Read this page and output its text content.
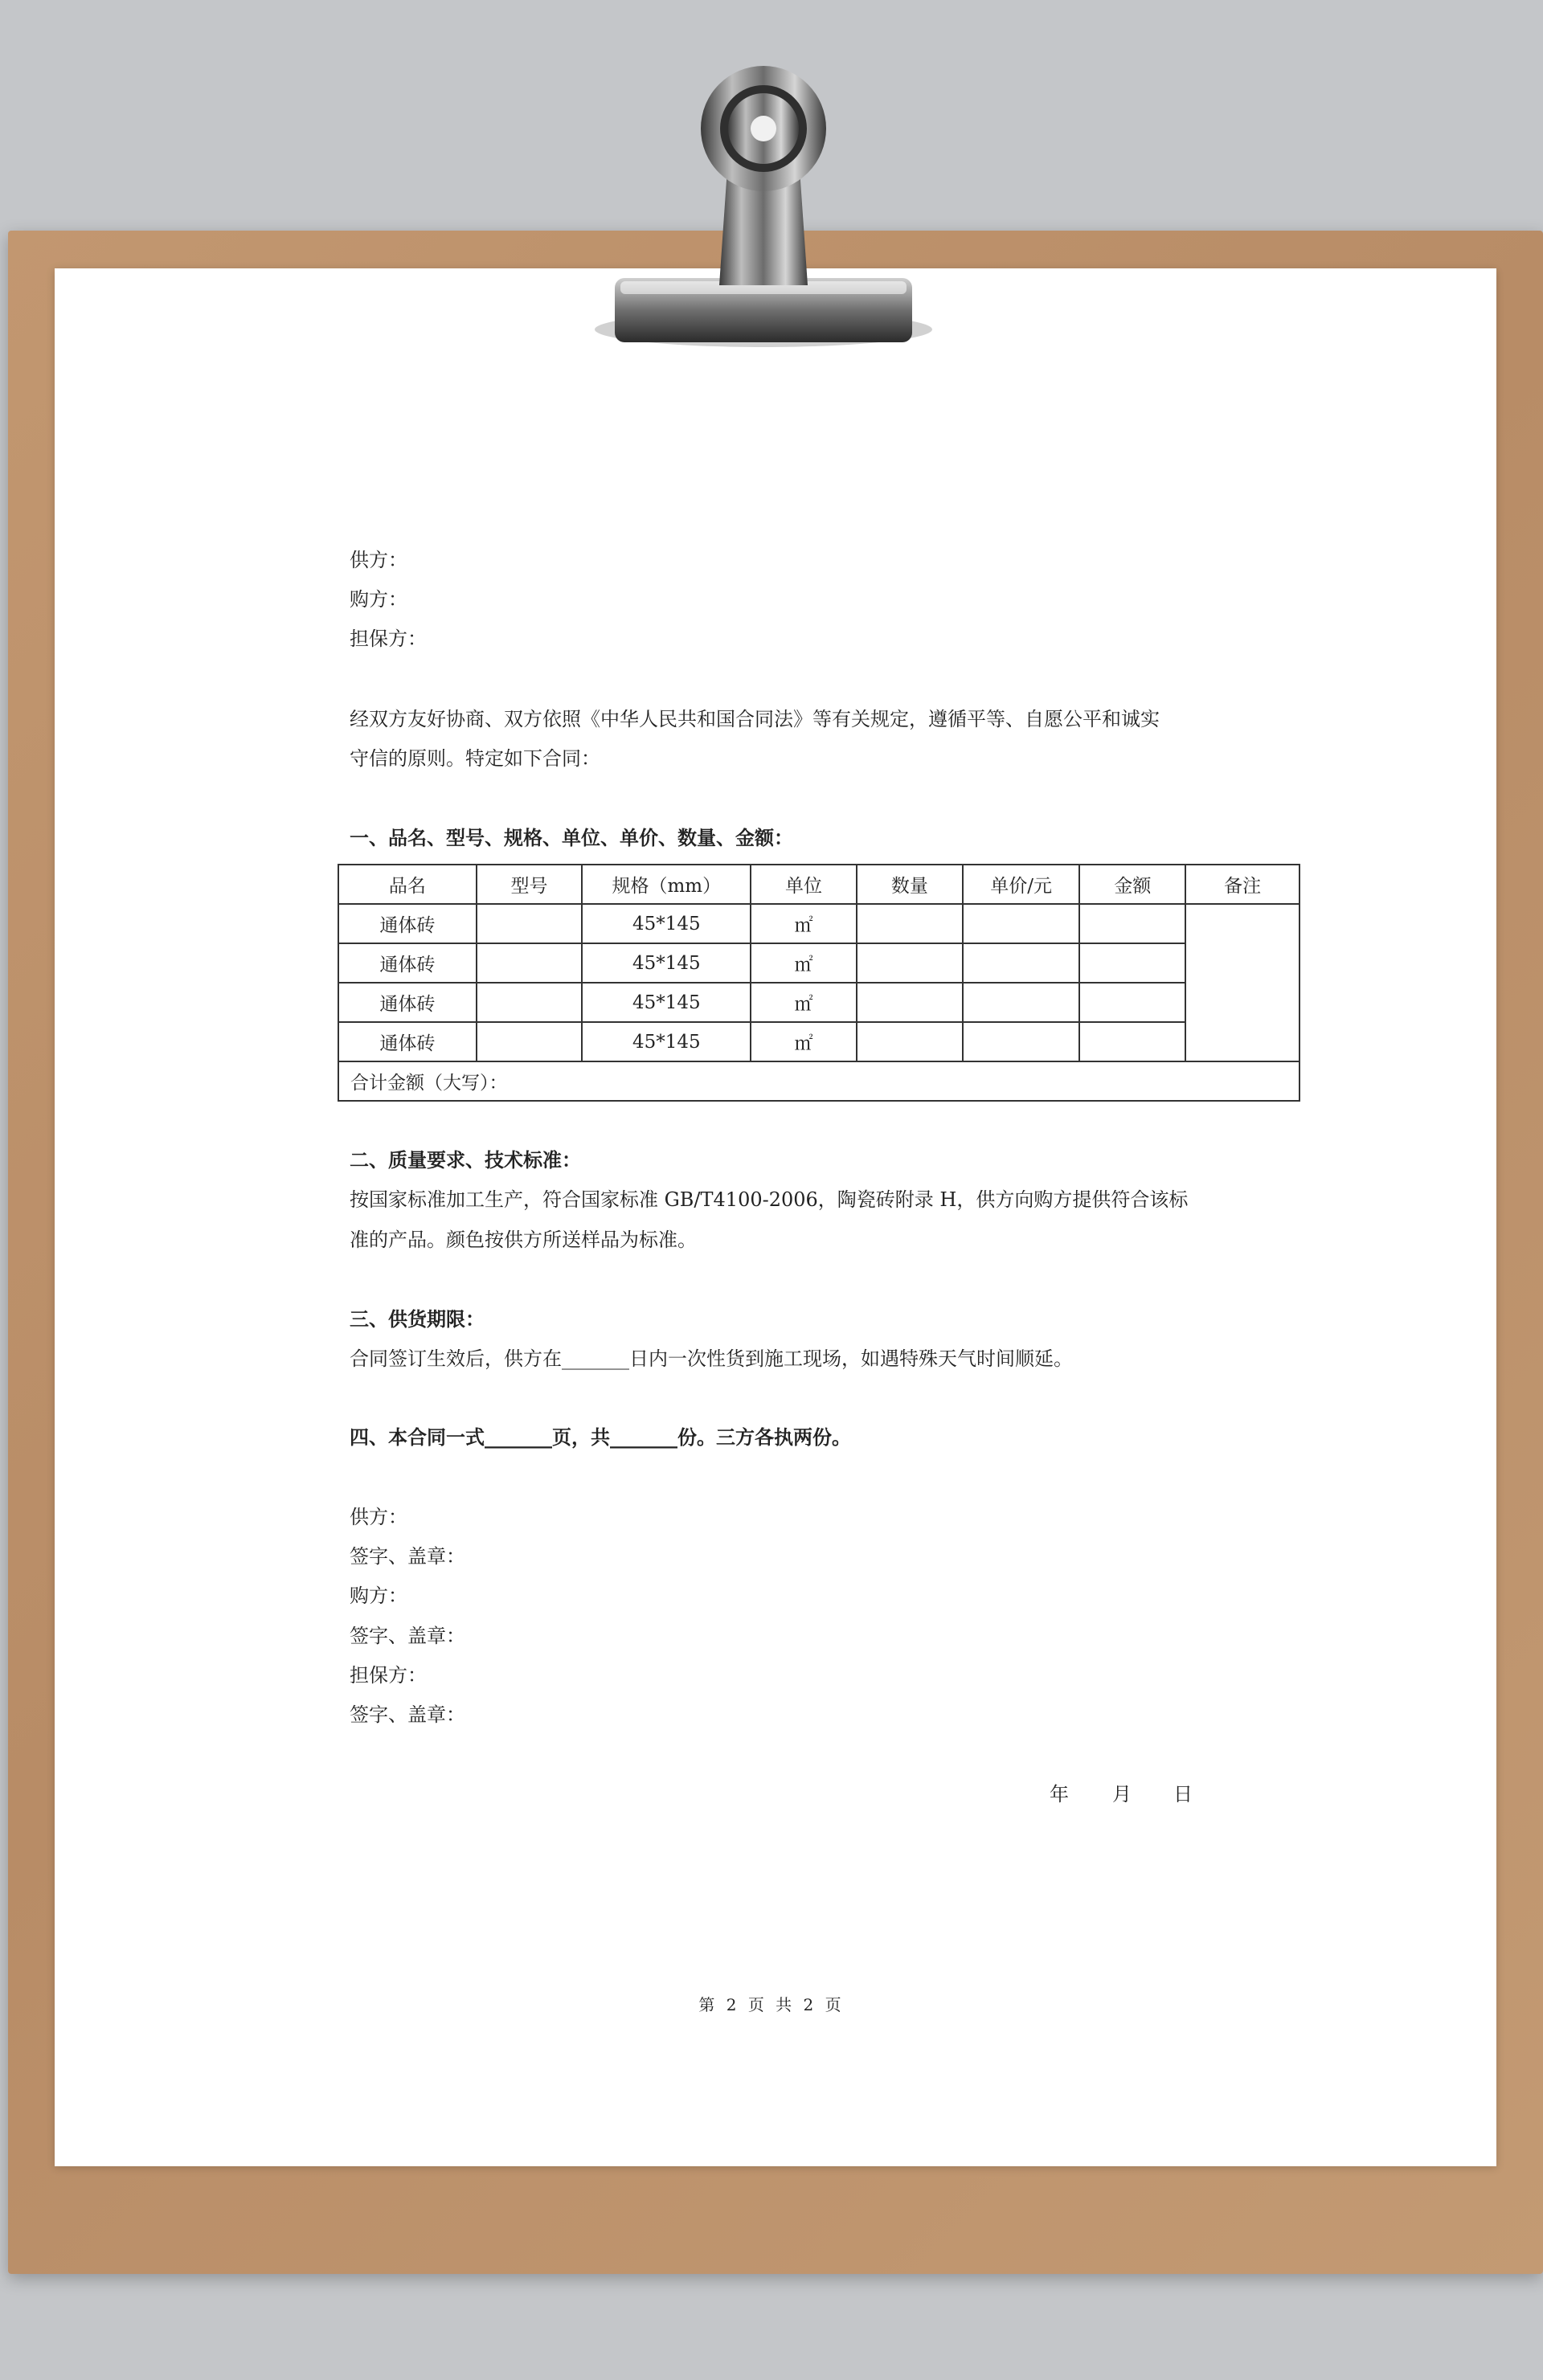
供方：
购方：
担保方：
经双方友好协商、双方依照《中华人民共和国合同法》等有关规定，遵循平等、自愿公平和诚实
守信的原则。特定如下合同：
一、品名、型号、规格、单位、单价、数量、金额：
二、质量要求、技术标准：
按国家标准加工生产，符合国家标准 GB/T4100-2006，陶瓷砖附录 H，供方向购方提供符合该标
准的产品。颜色按供方所送样品为标准。
三、供货期限：
合同签订生效后，供方在_______日内一次性货到施工现场，如遇特殊天气时间顺延。
四、本合同一式_______页，共_______份。三方各执两份。
供方：
签字、盖章：
购方：
签字、盖章：
担保方：
签字、盖章：
品名	型号	规格（mm）	单位	数量	单价/元	金额	备注
通体砖		45*145	㎡				
通体砖		45*145	㎡				
通体砖		45*145	㎡				
通体砖		45*145	㎡				
合计金额（大写）：							
年 月 日
第 2 页 共 2 页
